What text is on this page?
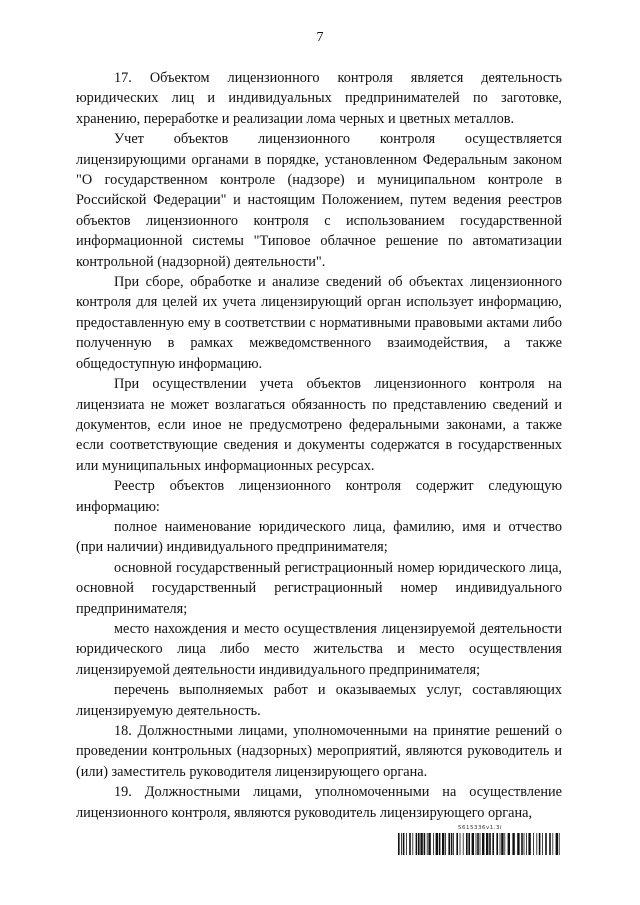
7

17. Объектом лицензионного контроля является деятельность юридических лиц и индивидуальных предпринимателей по заготовке, хранению, переработке и реализации лома черных и цветных металлов.

Учет объектов лицензионного контроля осуществляется лицензирующими органами в порядке, установленном Федеральным законом "О государственном контроле (надзоре) и муниципальном контроле в Российской Федерации" и настоящим Положением, путем ведения реестров объектов лицензионного контроля с использованием государственной информационной системы "Типовое облачное решение по автоматизации контрольной (надзорной) деятельности".

При сборе, обработке и анализе сведений об объектах лицензионного контроля для целей их учета лицензирующий орган использует информацию, предоставленную ему в соответствии с нормативными правовыми актами либо полученную в рамках межведомственного взаимодействия, а также общедоступную информацию.

При осуществлении учета объектов лицензионного контроля на лицензиата не может возлагаться обязанность по представлению сведений и документов, если иное не предусмотрено федеральными законами, а также если соответствующие сведения и документы содержатся в государственных или муниципальных информационных ресурсах.

Реестр объектов лицензионного контроля содержит следующую информацию:

полное наименование юридического лица, фамилию, имя и отчество (при наличии) индивидуального предпринимателя;

основной государственный регистрационный номер юридического лица, основной государственный регистрационный номер индивидуального предпринимателя;

место нахождения и место осуществления лицензируемой деятельности юридического лица либо место жительства и место осуществления лицензируемой деятельности индивидуального предпринимателя;

перечень выполняемых работ и оказываемых услуг, составляющих лицензируемую деятельность.

18. Должностными лицами, уполномоченными на принятие решений о проведении контрольных (надзорных) мероприятий, являются руководитель и (или) заместитель руководителя лицензирующего органа.

19. Должностными лицами, уполномоченными на осуществление лицензионного контроля, являются руководитель лицензирующего органа,

5615336v1.3i
